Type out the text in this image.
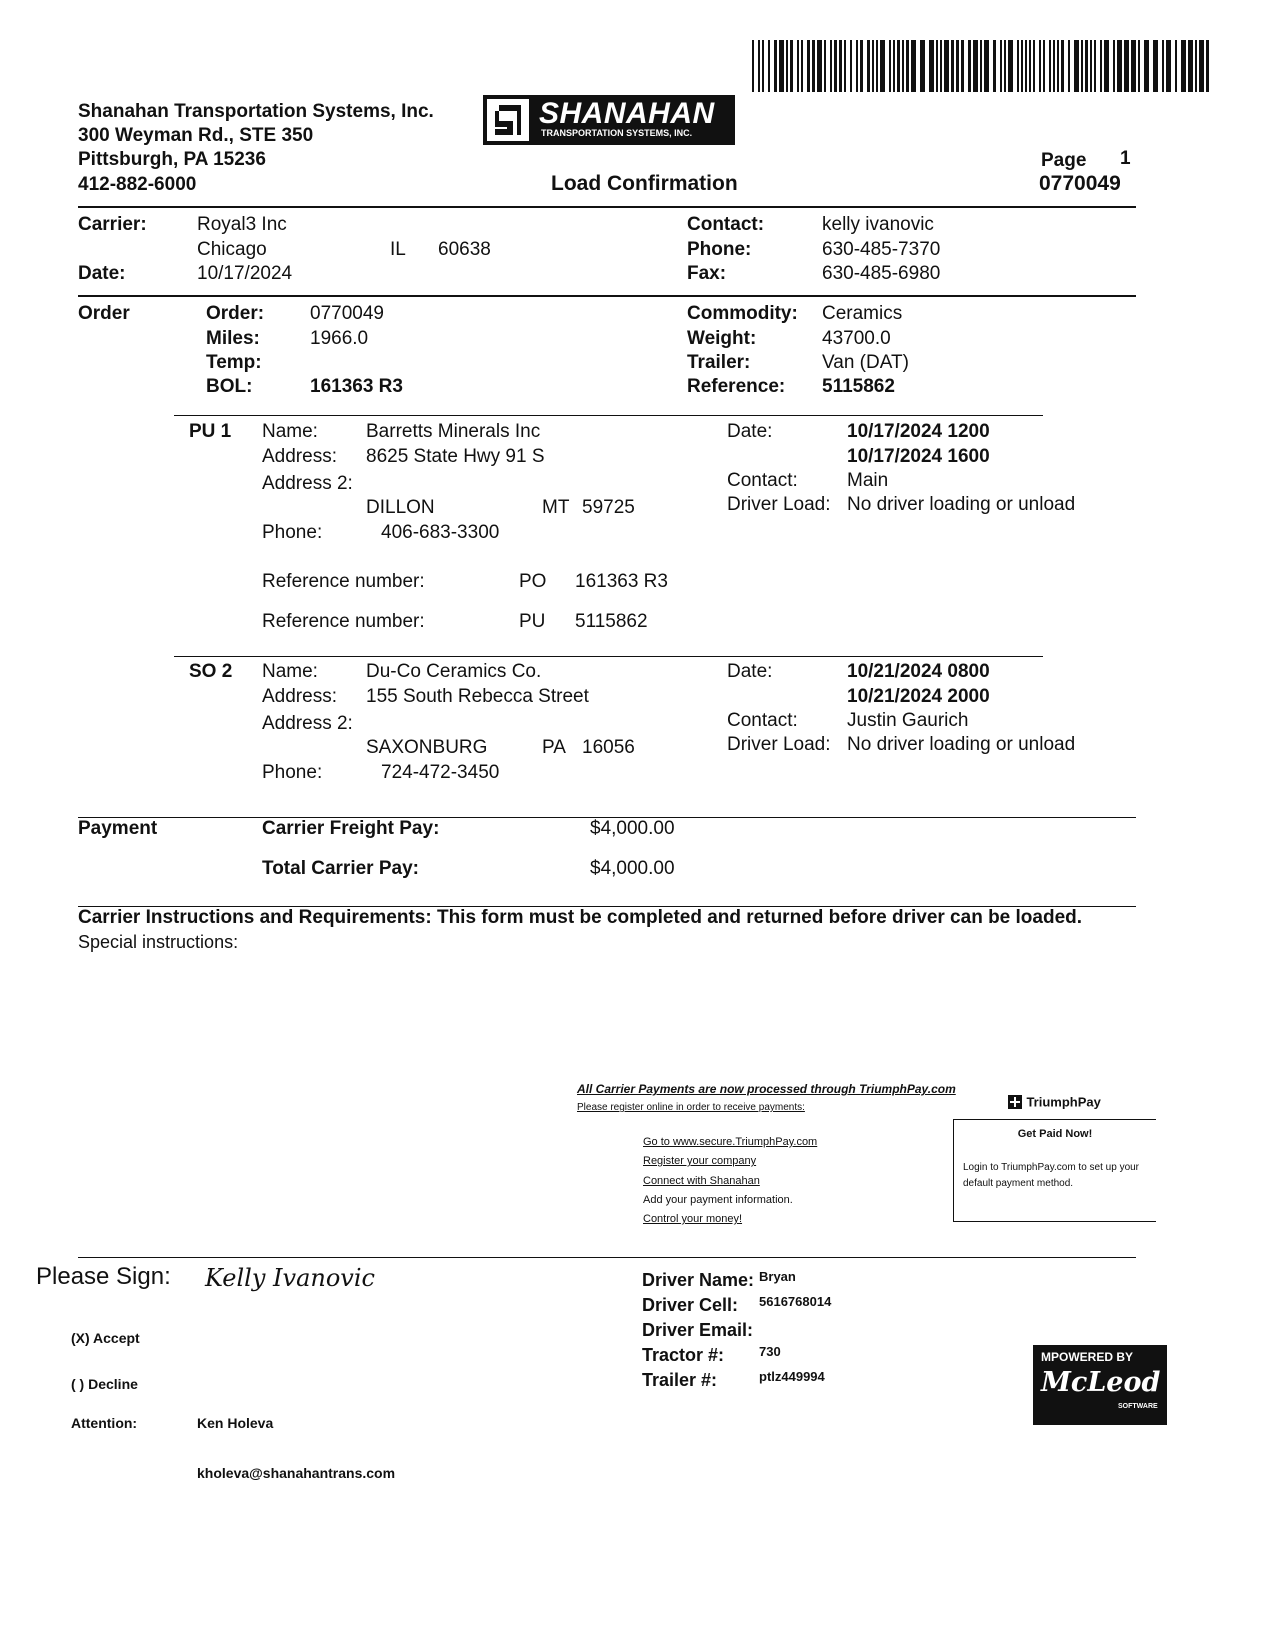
Shanahan Transportation Systems, Inc.
300 Weyman Rd., STE 350
Pittsburgh, PA 15236
412-882-6000
SHANAHAN
TRANSPORTATION SYSTEMS, INC.
Load Confirmation
Page 1
0770049
Carrier:	Royal3 Inc
Chicago	IL 60638
Date:	10/17/2024
Contact:	kelly ivanovic
Phone:	630-485-7370
Fax:	630-485-6980
Order	Order: 0770049
Miles:	1966.0
Temp:
BOL:	161363 R3
Commodity: Ceramics
Weight:	43700.0
Trailer:	Van (DAT)
Reference: 5115862
PU 1 Name:	Barretts Minerals Inc
Address: 8625 State Hwy 91 S
Address 2:
DILLON	MT 59725
Phone:	406-683-3300
Date:	10/17/2024 1200
10/17/2024 1600
Contact:	Main
Driver Load: No driver loading or unload
Reference number:	PO 161363 R3
Reference number:	PU 5115862
SO 2 Name:	Du-Co Ceramics Co.
Address: 155 South Rebecca Street
Address 2:
SAXONBURG	PA 16056
Phone:	724-472-3450
Date:	10/21/2024 0800
10/21/2024 2000
Contact:	Justin Gaurich
Driver Load: No driver loading or unload
Payment	Carrier Freight Pay:	$4,000.00
Total Carrier Pay:	$4,000.00
Carrier Instructions and Requirements: This form must be completed and returned before driver can be loaded.
Special instructions:
All Carrier Payments are now processed through TriumphPay.com
Please register online in order to receive payments:
Go to www.secure.TriumphPay.com
Register your company
Connect with Shanahan
Add your payment information.
Control your money!
TriumphPay
Get Paid Now!
Login to TriumphPay.com to set up your default payment method.
Please Sign: Kelly Ivanovic
(X) Accept
( ) Decline
Attention:	Ken Holeva
kholeva@shanahantrans.com
Driver Name: Bryan
Driver Cell: 5616768014
Driver Email:
Tractor #:	730
Trailer #:	ptlz449994
MPOWERED BY
McLeod
SOFTWARE
